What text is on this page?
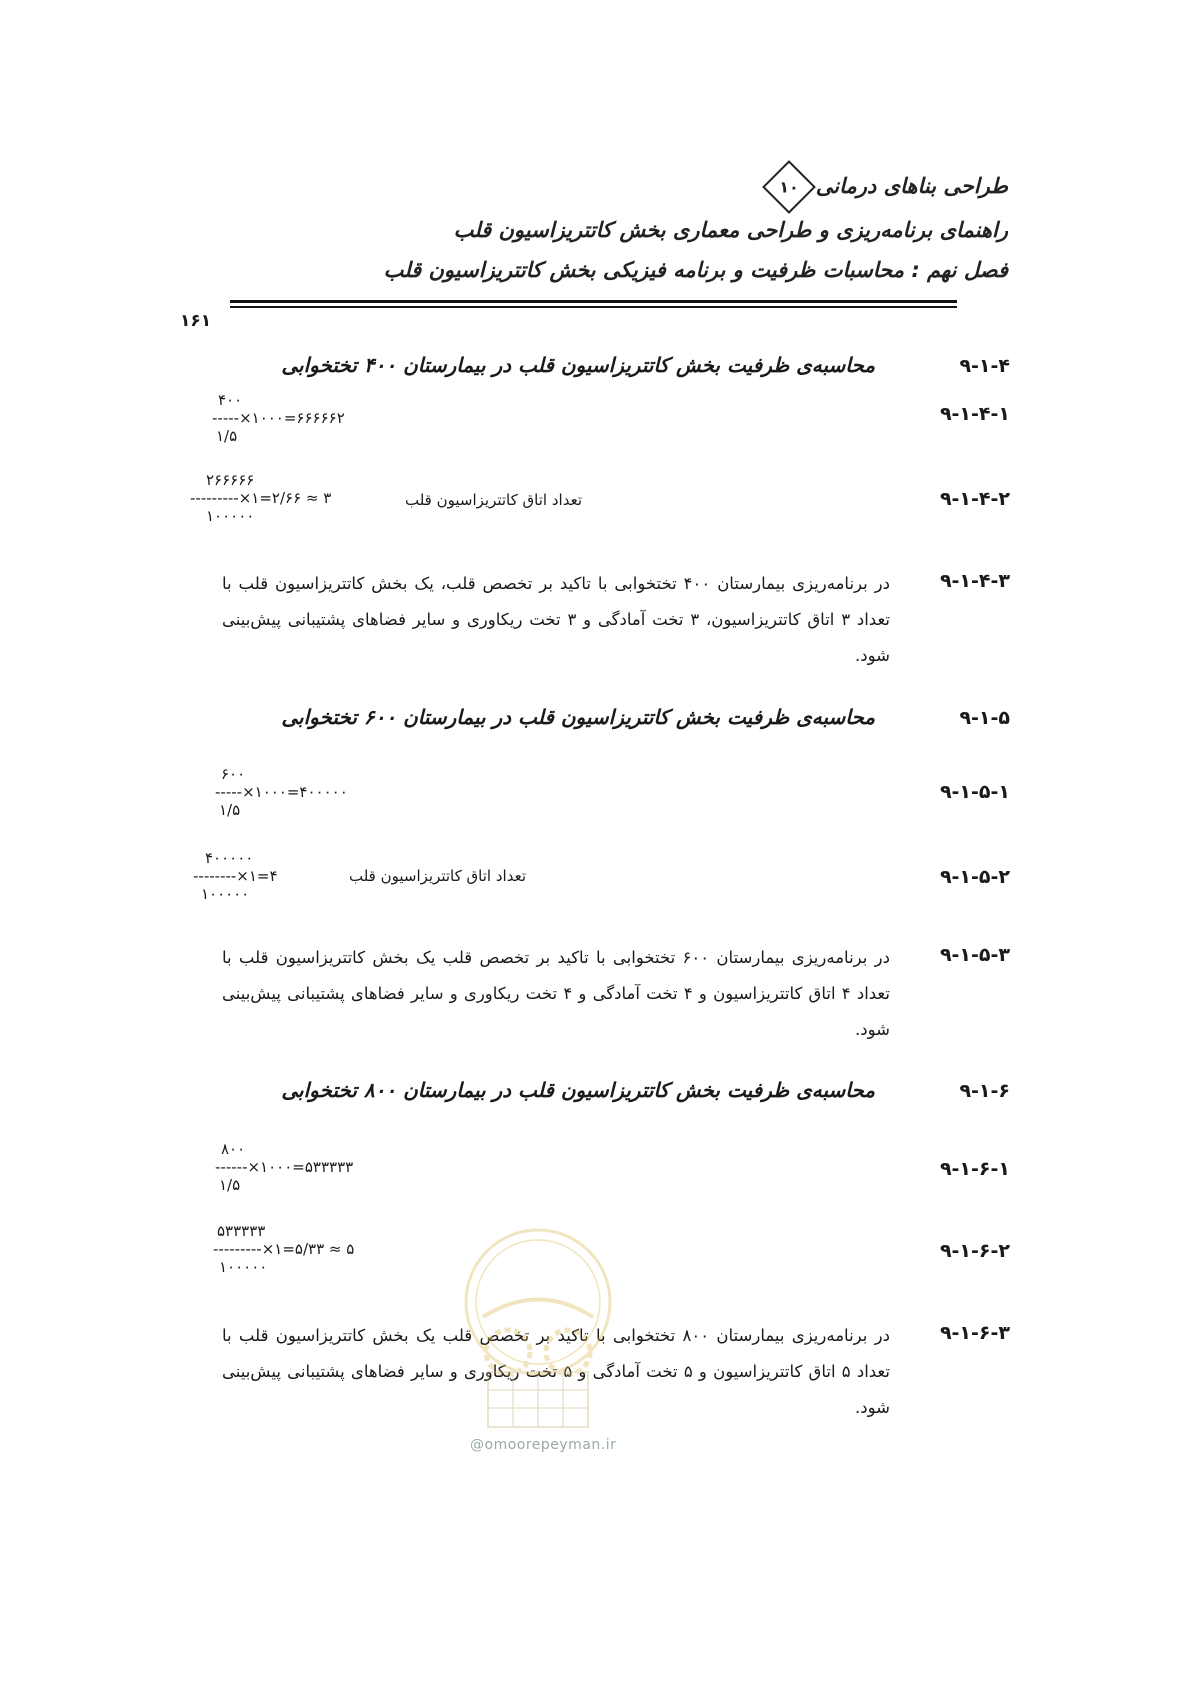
طراحی بناهای درمانی
۱۰
راهنمای برنامه‌ریزی و طراحی معماری بخش کاتتریزاسیون قلب
فصل نهم : محاسبات ظرفیت و برنامه فیزیکی بخش کاتتریزاسیون قلب
۱۶۱
۹-۱-۴
محاسبه‌ی ظرفیت بخش کاتتریزاسیون قلب در بیمارستان ۴۰۰ تختخوابی
۹-۱-۴-۱
۴۰۰
-----×۱۰۰۰=۶۶۶۶۶۲
۱/۵
۹-۱-۴-۲
۲۶۶۶۶۶
---------×۱=۲/۶۶ ≈ ۳
۱۰۰۰۰۰
تعداد اتاق کاتتریزاسیون قلب
۹-۱-۴-۳
در برنامه‌ریزی بیمارستان ۴۰۰ تختخوابی با تاکید بر تخصص قلب، یک بخش کاتتریزاسیون قلب با تعداد ۳ اتاق کاتتریزاسیون، ۳ تخت آمادگی و ۳ تخت ریکاوری و سایر فضاهای پشتیبانی پیش‌بینی شود.
۹-۱-۵
محاسبه‌ی ظرفیت بخش کاتتریزاسیون قلب در بیمارستان ۶۰۰ تختخوابی
۹-۱-۵-۱
۶۰۰
-----×۱۰۰۰=۴۰۰۰۰۰
۱/۵
۹-۱-۵-۲
۴۰۰۰۰۰
--------×۱=۴
۱۰۰۰۰۰
تعداد اتاق کاتتریزاسیون قلب
۹-۱-۵-۳
در برنامه‌ریزی بیمارستان ۶۰۰ تختخوابی با تاکید بر تخصص قلب یک بخش کاتتریزاسیون قلب با تعداد ۴ اتاق کاتتریزاسیون و ۴ تخت آمادگی و ۴ تخت ریکاوری و سایر فضاهای پشتیبانی پیش‌بینی شود.
۹-۱-۶
محاسبه‌ی ظرفیت بخش کاتتریزاسیون قلب در بیمارستان ۸۰۰ تختخوابی
۹-۱-۶-۱
۸۰۰
------×۱۰۰۰=۵۳۳۳۳۳
۱/۵
۹-۱-۶-۲
۵۳۳۳۳۳
---------×۱=۵/۳۳ ≈ ۵
۱۰۰۰۰۰
۹-۱-۶-۳
در برنامه‌ریزی بیمارستان ۸۰۰ تختخوابی با تاکید بر تخصص قلب یک بخش کاتتریزاسیون قلب با تعداد ۵ اتاق کاتتریزاسیون و ۵ تخت آمادگی و ۵ تخت ریکاوری و سایر فضاهای پشتیبانی پیش‌بینی شود.
@omoorepeyman.ir
